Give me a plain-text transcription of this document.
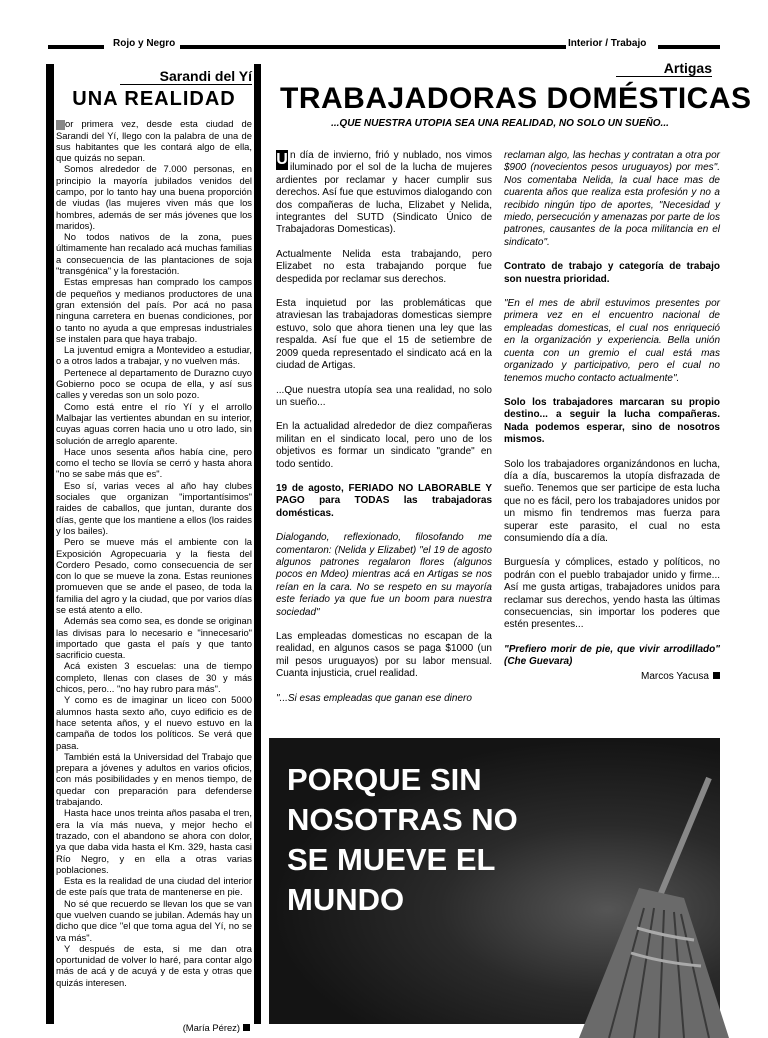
Rojo y Negro	Interior / Trabajo
Sarandi del Yí
UNA REALIDAD

or primera vez, desde esta ciudad de Sarandi del Yí, llego con la palabra de una de sus habitantes que les contará algo de ella, que quizás no sepan.

Somos alrededor de 7.000 personas, en principio la mayoría jubilados venidos del campo, por lo tanto hay una buena proporción de viudas (las mujeres viven más que los hombres, además de ser más jóvenes que los maridos).

No todos nativos de la zona, pues últimamente han recalado acá muchas familias a consecuencia de las plantaciones de soja "transgénica" y la forestación.

Estas empresas han comprado los campos de pequeños y medianos productores de una gran extensión del país. Por acá no pasa ninguna carretera en buenas condiciones, por o tanto no ayuda a que empresas industriales se instalen para que haya trabajo.

La juventud emigra a Montevideo a estudiar, o a otros lados a trabajar, y no vuelven más.

Pertenece al departamento de Durazno cuyo Gobierno poco se ocupa de ella, y así sus calles y veredas son un solo pozo.

Como está entre el río Yí y el arrollo Malbajar las vertientes abundan en su interior, cuyas aguas corren hacia uno u otro lado, sin solución de arreglo aparente.

Hace unos sesenta años había cine, pero como el techo se llovía se cerró y hasta ahora "no se sabe más que es".

Eso sí, varias veces al año hay clubes sociales que organizan "importantísimos" raides de caballos, que juntan, durante dos días, gente que los mantiene a ellos (los raides y los bailes).

Pero se mueve más el ambiente con la Exposición Agropecuaria y la fiesta del Cordero Pesado, como consecuencia de ser con lo que se mueve la zona. Estas reuniones promueven que se ande el paseo, de toda la familia del agro y la ciudad, que por varios días se está atento a ello.

Además sea como sea, es donde se originan las divisas para lo necesario e "innecesario" importado que gasta el país y que tanto sacrificio cuesta.

Acá existen 3 escuelas: una de tiempo completo, llenas con clases de 30 y más chicos, pero... "no hay rubro para más".

Y como es de imaginar un liceo con 5000 alumnos hasta sexto año, cuyo edificio es de hace setenta años, y el nuevo estuvo en la campaña de todos los políticos. Se verá que pasa.

También está la Universidad del Trabajo que prepara a jóvenes y adultos en varios oficios, con más posibilidades y en menos tiempo, de quedar con preparación para defenderse trabajando.

Hasta hace unos treinta años pasaba el tren, era la vía más nueva, y mejor hecho el trazado, con el abandono se ahora con dolor, ya que daba vida hasta el Km. 329, hasta casi Río Negro, y en ella a otras varias poblaciones.

Esta es la realidad de una ciudad del interior de este país que trata de mantenerse en pie.

No sé que recuerdo se llevan los que se van que vuelven cuando se jubilan. Además hay un dicho que dice "el que toma agua del Yí, no se va más".

Y después de esta, si me dan otra oportunidad de volver lo haré, para contar algo más de acá y de acuyá y de esta y otras que quizás interesen.

(María Pérez)
Artigas
TRABAJADORAS DOMÉSTICAS
...QUE NUESTRA UTOPIA SEA UNA REALIDAD, NO SOLO UN SUEÑO...

U n día de invierno, frió y nublado, nos vimos iluminado por el sol de la lucha de mujeres ardientes por reclamar y hacer cumplir sus derechos. Así fue que estuvimos dialogando con dos compañeras de lucha, Elizabet y Nelida, integrantes del SUTD (Sindicato Único de Trabajadoras Domesticas).

Actualmente Nelida esta trabajando, pero Elizabet no esta trabajando porque fue despedida por reclamar sus derechos.

Esta inquietud por las problemáticas que atraviesan las trabajadoras domesticas siempre estuvo, solo que ahora tienen una ley que las respalda. Así fue que el 15 de setiembre de 2009 queda representado el sindicato acá en la ciudad de Artigas.

...Que nuestra utopía sea una realidad, no solo un sueño...

En la actualidad alrededor de diez compañeras militan en el sindicato local, pero uno de los objetivos es formar un sindicato "grande" en todo sentido.

19 de agosto, FERIADO NO LABORABLE Y PAGO para TODAS las trabajadoras domésticas.

Dialogando, reflexionado, filosofando me comentaron: (Nelida y Elizabet) "el 19 de agosto algunos patrones regalaron flores (algunos pocos en Mdeo) mientras acá en Artigas se nos reían en la cara. No se respeto en su mayoría este feriado ya que fue un boom para nuestra sociedad"

Las empleadas domesticas no escapan de la realidad, en algunos casos se paga $1000 (un mil pesos uruguayos) por su labor mensual. Cuanta injusticia, cruel realidad.

"...Si esas empleadas que ganan ese dinero

reclaman algo, las hechas y contratan a otra por $900 (novecientos pesos uruguayos) por mes". Nos comentaba Nelida, la cual hace mas de cuarenta años que realiza esta profesión y no a recibido ningún tipo de aportes, "Necesidad y miedo, persecución y amenazas por parte de los patrones, causantes de la poca militancia en el sindicato".

Contrato de trabajo y categoría de trabajo son nuestra prioridad.

"En el mes de abril estuvimos presentes por primera vez en el encuentro nacional de empleadas domesticas, el cual nos enriqueció en la organización y experiencia. Bella unión cuenta con un gremio el cual está mas organizado y participativo, pero el cual no tenemos mucho contacto actualmente".

Solo los trabajadores marcaran su propio destino... a seguir la lucha compañeras. Nada podemos esperar, sino de nosotros mismos.

Solo los trabajadores organizándonos en lucha, día a día, buscaremos la utopía disfrazada de sueño. Tenemos que ser participe de esta lucha que no es fácil, pero los trabajadores unidos por un mismo fin tendremos mas fuerza para superar este parasito, el cual no esta consumiendo día a día.

Burguesía y cómplices, estado y políticos, no podrán con el pueblo trabajador unido y firme... Así me gusta artigas, trabajadores unidos para reclamar sus derechos, yendo hasta las últimas consecuencias, sin importar los poderes que estén presentes...

"Prefiero morir de pie, que vivir arrodillado" (Che Guevara)

Marcos Yacusa
PORQUE SIN NOSOTRAS NO SE MUEVE EL MUNDO
